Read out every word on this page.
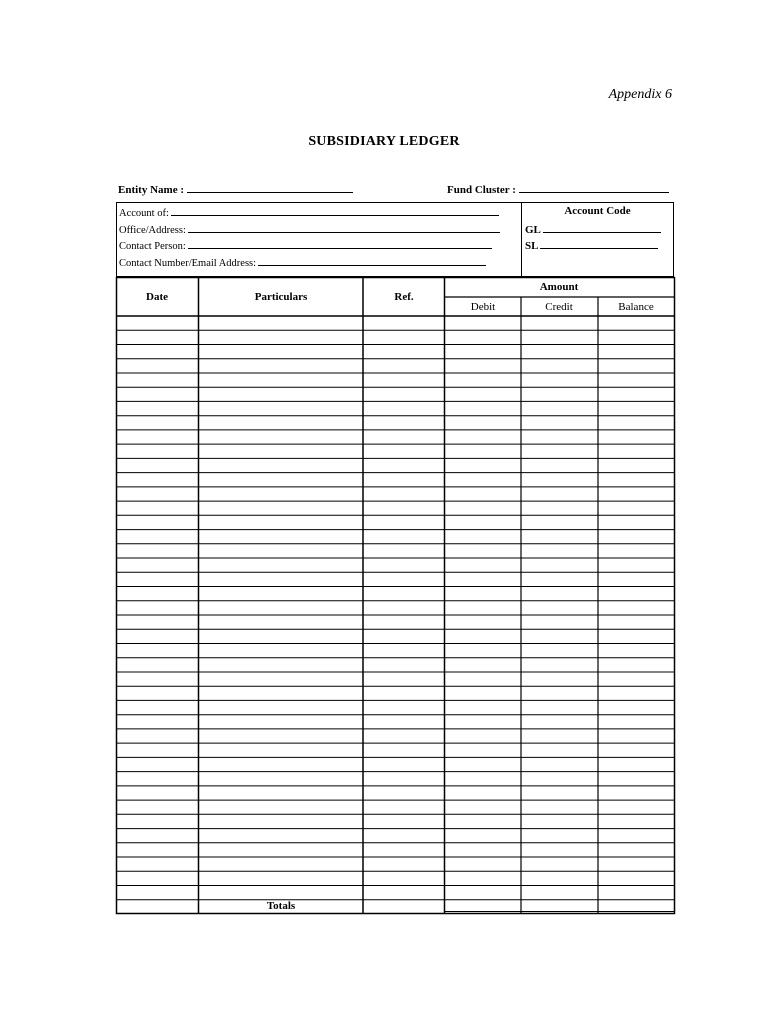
Appendix 6
SUBSIDIARY LEDGER
Entity Name :	Fund Cluster :
Account of:
Office/Address:
Contact Person:
Contact Number/Email Address:
Account Code
GL
SL
Date	Particulars	Ref.
Amount
Debit	Credit	Balance
Totals
